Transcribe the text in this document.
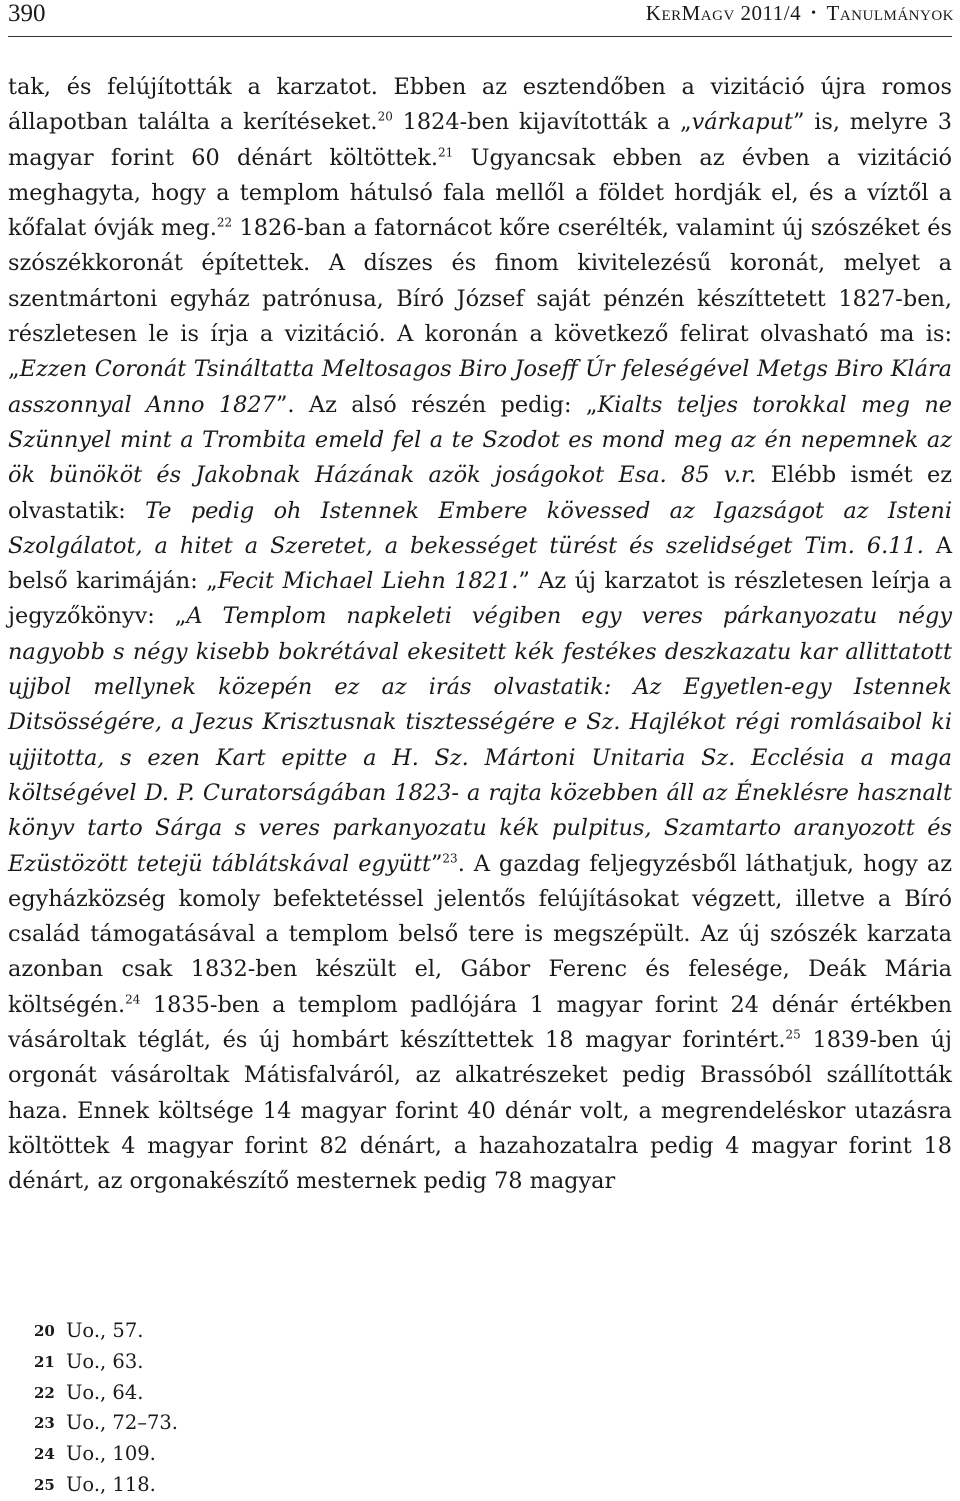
390	KerMagv 2011/4 • Tanulmányok

tak, és felújították a karzatot. Ebben az esztendőben a vizitáció újra romos állapotban találta a kerítéseket.$^{20}$ 1824-ben kijavították a „várkaput” is, melyre 3 magyar forint 60 dénárt költöttek.$^{21}$ Ugyancsak ebben az évben a vizitáció meghagyta, hogy a templom hátulsó fala mellől a földet hordják el, és a víztől a kőfalat óvják meg.$^{22}$ 1826-ban a fatornácot kőre cserélték, valamint új szószéket és szószékkoronát építettek. A díszes és finom kivitelezésű koronát, melyet a szentmártoni egyház patrónusa, Bíró József saját pénzén készíttetett 1827-ben, részletesen le is írja a vizitáció. A koronán a következő felirat olvasható ma is: „Ezzen Coronát Tsináltatta Meltosagos Biro Joseff Úr feleségével Metgs Biro Klára asszonnyal Anno 1827”. Az alsó részén pedig: „Kialts teljes torokkal meg ne Szünnyel mint a Trombita emeld fel a te Szodot es mond meg az én nepemnek az ök bünököt és Jakobnak Házának azök joságokot Esa. 85 v.r. Elébb ismét ez olvastatik: Te pedig oh Istennek Embere kövessed az Igazságot az Isteni Szolgálatot, a hitet a Szeretet, a bekességet türést és szelidséget Tim. 6.11. A belső karimáján: „Fecit Michael Liehn 1821.” Az új karzatot is részletesen leírja a jegyzőkönyv: „A Templom napkeleti végiben egy veres párkanyozatu négy nagyobb s négy kisebb bokrétával ekesitett kék festékes deszkazatu kar allittatott ujjbol mellynek közepén ez az irás olvastatik: Az Egyetlen-egy Istennek Ditsösségére, a Jezus Krisztusnak tisztességére e Sz. Hajlékot régi romlásaibol ki ujjitotta, s ezen Kart epitte a H. Sz. Mártoni Unitaria Sz. Ecclésia a maga költségével D. P. Curatorságában 1823- a rajta közebben áll az Éneklésre hasznalt könyv tarto Sárga s veres parkanyozatu kék pulpitus, Szamtarto aranyozott és Ezüstözött tetejü táblátskával együtt”$^{23}$. A gazdag feljegyzésből láthatjuk, hogy az egyházközség komoly befektetéssel jelentős felújításokat végzett, illetve a Bíró család támogatásával a templom belső tere is megszépült. Az új szószék karzata azonban csak 1832-ben készült el, Gábor Ferenc és felesége, Deák Mária költségén.$^{24}$ 1835-ben a templom padlójára 1 magyar forint 24 dénár értékben vásároltak téglát, és új hombárt készíttettek 18 magyar forintért.$^{25}$ 1839-ben új orgonát vásároltak Mátisfalváról, az alkatrészeket pedig Brassóból szállították haza. Ennek költsége 14 magyar forint 40 dénár volt, a megrendeléskor utazásra költöttek 4 magyar forint 82 dénárt, a hazahozatalra pedig 4 magyar forint 18 dénárt, az orgonakészítő mesternek pedig 78 magyar

20 Uo., 57.
21 Uo., 63.
22 Uo., 64.
23 Uo., 72–73.
24 Uo., 109.
25 Uo., 118.
